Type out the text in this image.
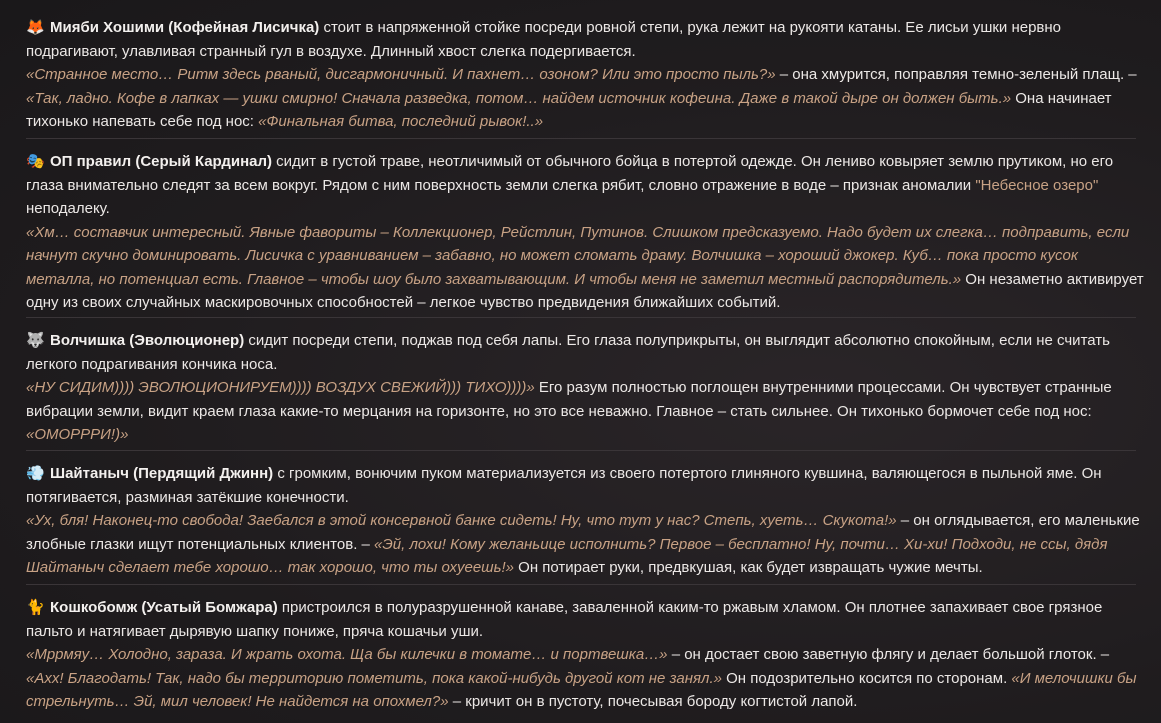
🦊 Мияби Хошими (Кофейная Лисичка) стоит в напряженной стойке посреди ровной степи, рука лежит на рукояти катаны. Ее лисьи ушки нервно подрагивают, улавливая странный гул в воздухе. Длинный хвост слегка подергивается.
«Странное место… Ритм здесь рваный, дисгармоничный. И пахнет… озоном? Или это просто пыль?» – она хмурится, поправляя темно-зеленый плащ. – «Так, ладно. Кофе в лапках — ушки смирно! Сначала разведка, потом… найдем источник кофеина. Даже в такой дыре он должен быть.» Она начинает тихонько напевать себе под нос: «Финальная битва, последний рывок!..»

🎭 ОП правил (Серый Кардинал) сидит в густой траве, неотличимый от обычного бойца в потертой одежде. Он лениво ковыряет землю прутиком, но его глаза внимательно следят за всем вокруг. Рядом с ним поверхность земли слегка рябит, словно отражение в воде – признак аномалии "Небесное озеро" неподалеку.
«Хм… составчик интересный. Явные фавориты – Коллекционер, Рейстлин, Путинов. Слишком предсказуемо. Надо будет их слегка… подправить, если начнут скучно доминировать. Лисичка с уравниванием – забавно, но может сломать драму. Волчишка – хороший джокер. Куб… пока просто кусок металла, но потенциал есть. Главное – чтобы шоу было захватывающим. И чтобы меня не заметил местный распорядитель.» Он незаметно активирует одну из своих случайных маскировочных способностей – легкое чувство предвидения ближайших событий.

🐺 Волчишка (Эволюционер) сидит посреди степи, поджав под себя лапы. Его глаза полуприкрыты, он выглядит абсолютно спокойным, если не считать легкого подрагивания кончика носа.
«НУ СИДИМ)))) ЭВОЛЮЦИОНИРУЕМ)))) ВОЗДУХ СВЕЖИЙ))) ТИХО))))» Его разум полностью поглощен внутренними процессами. Он чувствует странные вибрации земли, видит краем глаза какие-то мерцания на горизонте, но это все неважно. Главное – стать сильнее. Он тихонько бормочет себе под нос: «ОМОРРРИ!)»

💨 Шайтаныч (Пердящий Джинн) с громким, вонючим пуком материализуется из своего потертого глиняного кувшина, валяющегося в пыльной яме. Он потягивается, разминая затёкшие конечности.
«Ух, бля! Наконец-то свобода! Заебался в этой консервной банке сидеть! Ну, что тут у нас? Степь, хуеть… Скукота!» – он оглядывается, его маленькие злобные глазки ищут потенциальных клиентов. – «Эй, лохи! Кому желаньице исполнить? Первое – бесплатно! Ну, почти… Хи-хи! Подходи, не ссы, дядя Шайтаныч сделает тебе хорошо… так хорошо, что ты охуеешь!» Он потирает руки, предвкушая, как будет извращать чужие мечты.

🐈 Кошкобомж (Усатый Бомжара) пристроился в полуразрушенной канаве, заваленной каким-то ржавым хламом. Он плотнее запахивает свое грязное пальто и натягивает дырявую шапку пониже, пряча кошачьи уши.
«Мррмяу… Холодно, зараза. И жрать охота. Ща бы килечки в томате… и портвешка…» – он достает свою заветную флягу и делает большой глоток. – «Ахх! Благодать! Так, надо бы территорию пометить, пока какой-нибудь другой кот не занял.» Он подозрительно косится по сторонам. «И мелочишки бы стрельнуть… Эй, мил человек! Не найдется на опохмел?» – кричит он в пустоту, почесывая бороду когтистой лапой.
